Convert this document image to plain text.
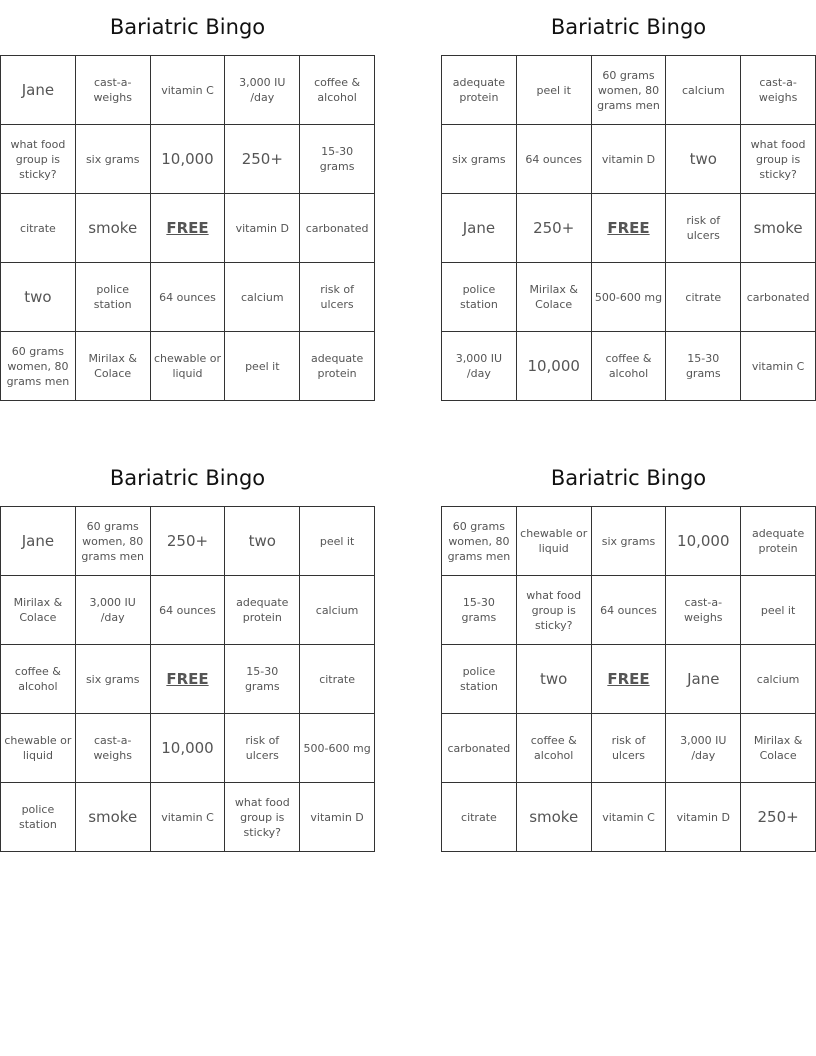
Bariatric Bingo
Jane	cast-a-weighs	vitamin C	3,000 IU /day	coffee & alcohol
what food group is sticky?	six grams	10,000	250+	15-30 grams
citrate	smoke	FREE	vitamin D	carbonated
two	police station	64 ounces	calcium	risk of ulcers
60 grams women, 80 grams men	Mirilax & Colace	chewable or liquid	peel it	adequate protein
Bariatric Bingo
adequate protein	peel it	60 grams women, 80 grams men	calcium	cast-a-weighs
six grams	64 ounces	vitamin D	two	what food group is sticky?
Jane	250+	FREE	risk of ulcers	smoke
police station	Mirilax & Colace	500-600 mg	citrate	carbonated
3,000 IU /day	10,000	coffee & alcohol	15-30 grams	vitamin C
Bariatric Bingo
Jane	60 grams women, 80 grams men	250+	two	peel it
Mirilax & Colace	3,000 IU /day	64 ounces	adequate protein	calcium
coffee & alcohol	six grams	FREE	15-30 grams	citrate
chewable or liquid	cast-a-weighs	10,000	risk of ulcers	500-600 mg
police station	smoke	vitamin C	what food group is sticky?	vitamin D
Bariatric Bingo
60 grams women, 80 grams men	chewable or liquid	six grams	10,000	adequate protein
15-30 grams	what food group is sticky?	64 ounces	cast-a-weighs	peel it
police station	two	FREE	Jane	calcium
carbonated	coffee & alcohol	risk of ulcers	3,000 IU /day	Mirilax & Colace
citrate	smoke	vitamin C	vitamin D	250+
